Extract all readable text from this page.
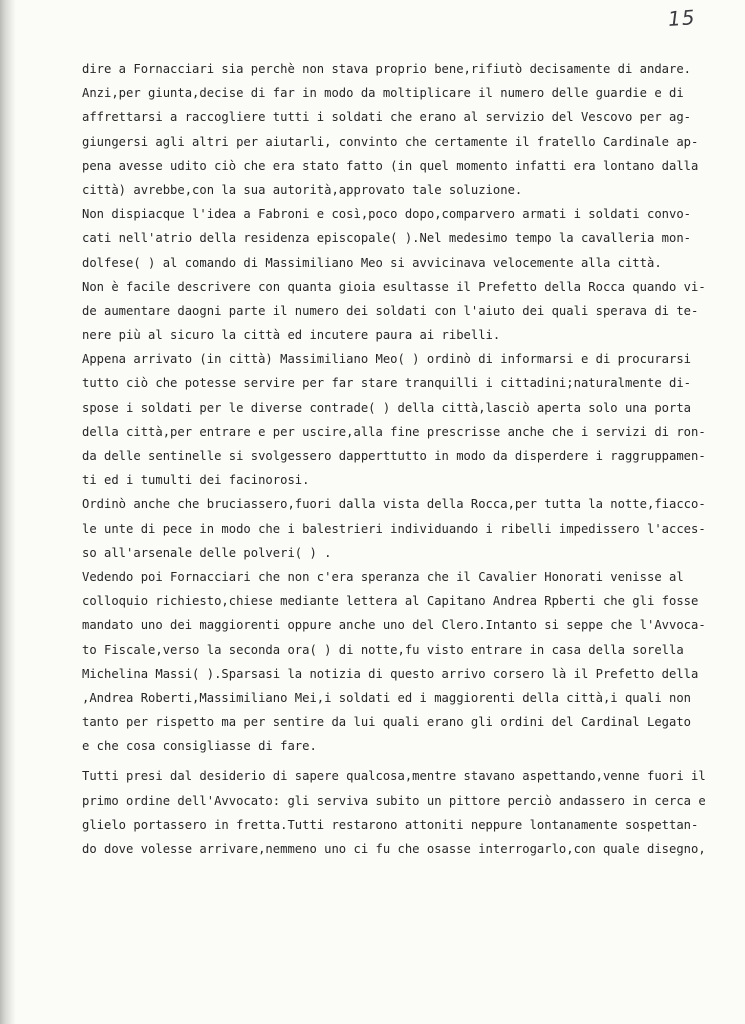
15
dire a Fornacciari sia perchè non stava proprio bene,rifiutò decisamente di andare.
Anzi,per giunta,decise di far in modo da moltiplicare il numero delle guardie e di
affrettarsi a raccogliere tutti i soldati che erano al servizio del Vescovo per ag-
giungersi agli altri per aiutarli, convinto che certamente il fratello Cardinale ap-
pena avesse udito ciò che era stato fatto (in quel momento infatti era lontano dalla
città) avrebbe,con la sua autorità,approvato tale soluzione.
Non dispiacque l'idea a Fabroni e così,poco dopo,comparvero armati i soldati convo-
cati nell'atrio della residenza episcopale( ).Nel medesimo tempo la cavalleria mon-
dolfese( ) al comando di Massimiliano Meo si avvicinava velocemente alla città.
Non è facile descrivere con quanta gioia esultasse il Prefetto della Rocca quando vi-
de aumentare daogni parte il numero dei soldati con l'aiuto dei quali sperava di te-
nere più al sicuro la città ed incutere paura ai ribelli.
Appena arrivato (in città) Massimiliano Meo( ) ordinò di informarsi e di procurarsi
tutto ciò che potesse servire per far stare tranquilli i cittadini;naturalmente di-
spose i soldati per le diverse contrade( ) della città,lasciò aperta solo una porta
della città,per entrare e per uscire,alla fine prescrisse anche che i servizi di ron-
da delle sentinelle si svolgessero dapperttutto in modo da disperdere i raggruppamen-
ti ed i tumulti dei facinorosi.
Ordinò anche che bruciassero,fuori dalla vista della Rocca,per tutta la notte,fiacco-
le unte di pece in modo che i balestrieri individuando i ribelli impedissero l'acces-
so all'arsenale delle polveri( ) .
Vedendo poi Fornacciari che non c'era speranza che il Cavalier Honorati venisse al
colloquio richiesto,chiese mediante lettera al Capitano Andrea Rpberti che gli fosse
mandato uno dei maggiorenti oppure anche uno del Clero.Intanto si seppe che l'Avvoca-
to Fiscale,verso la seconda ora( ) di notte,fu visto entrare in casa della sorella
Michelina Massi( ).Sparsasi la notizia di questo arrivo corsero là il Prefetto della
,Andrea Roberti,Massimiliano Mei,i soldati ed i maggiorenti della città,i quali non
tanto per rispetto ma per sentire da lui quali erano gli ordini del Cardinal Legato
e che cosa consigliasse di fare.
Tutti presi dal desiderio di sapere qualcosa,mentre stavano aspettando,venne fuori il
primo ordine dell'Avvocato: gli serviva subito un pittore perciò andassero in cerca e
glielo portassero in fretta.Tutti restarono attoniti neppure lontanamente sospettan-
do dove volesse arrivare,nemmeno uno ci fu che osasse interrogarlo,con quale disegno,
